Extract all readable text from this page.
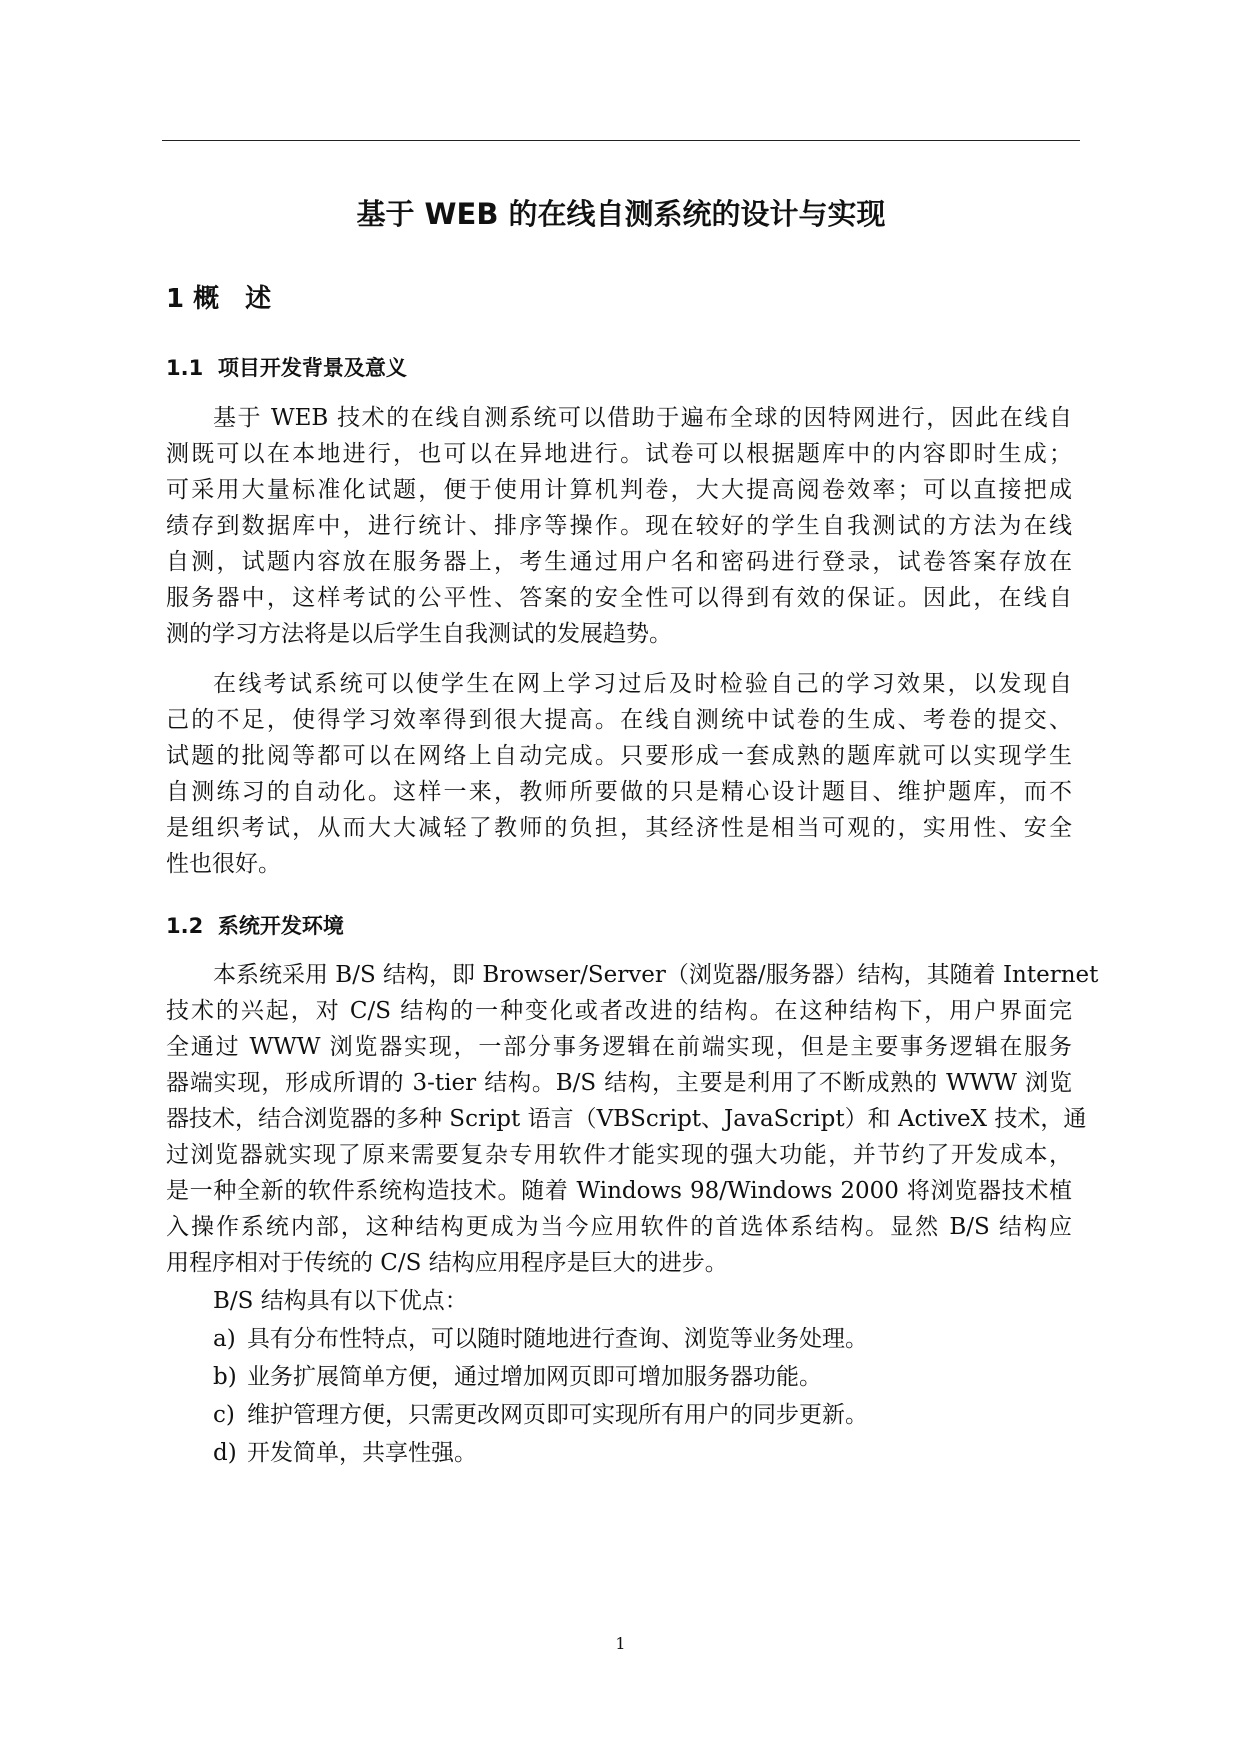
基于 WEB 的在线自测系统的设计与实现
1 概　述
1.1  项目开发背景及意义
基于 WEB 技术的在线自测系统可以借助于遍布全球的因特网进行，因此在线自
测既可以在本地进行，也可以在异地进行。试卷可以根据题库中的内容即时生成；
可采用大量标准化试题，便于使用计算机判卷，大大提高阅卷效率；可以直接把成
绩存到数据库中，进行统计、排序等操作。现在较好的学生自我测试的方法为在线
自测，试题内容放在服务器上，考生通过用户名和密码进行登录，试卷答案存放在
服务器中，这样考试的公平性、答案的安全性可以得到有效的保证。因此，在线自
测的学习方法将是以后学生自我测试的发展趋势。
在线考试系统可以使学生在网上学习过后及时检验自己的学习效果，以发现自
己的不足，使得学习效率得到很大提高。在线自测统中试卷的生成、考卷的提交、
试题的批阅等都可以在网络上自动完成。只要形成一套成熟的题库就可以实现学生
自测练习的自动化。这样一来，教师所要做的只是精心设计题目、维护题库，而不
是组织考试，从而大大减轻了教师的负担，其经济性是相当可观的，实用性、安全
性也很好。
1.2  系统开发环境
本系统采用 B/S 结构，即 Browser/Server（浏览器/服务器）结构，其随着 Internet
技术的兴起，对 C/S 结构的一种变化或者改进的结构。在这种结构下，用户界面完
全通过 WWW 浏览器实现，一部分事务逻辑在前端实现，但是主要事务逻辑在服务
器端实现，形成所谓的 3-tier 结构。B/S 结构，主要是利用了不断成熟的 WWW 浏览
器技术，结合浏览器的多种 Script 语言（VBScript、JavaScript）和 ActiveX 技术，通
过浏览器就实现了原来需要复杂专用软件才能实现的强大功能，并节约了开发成本，
是一种全新的软件系统构造技术。随着 Windows 98/Windows 2000 将浏览器技术植
入操作系统内部，这种结构更成为当今应用软件的首选体系结构。显然 B/S 结构应
用程序相对于传统的 C/S 结构应用程序是巨大的进步。
B/S 结构具有以下优点：
a) 具有分布性特点，可以随时随地进行查询、浏览等业务处理。
b) 业务扩展简单方便，通过增加网页即可增加服务器功能。
c) 维护管理方便，只需更改网页即可实现所有用户的同步更新。
d) 开发简单，共享性强。
1
